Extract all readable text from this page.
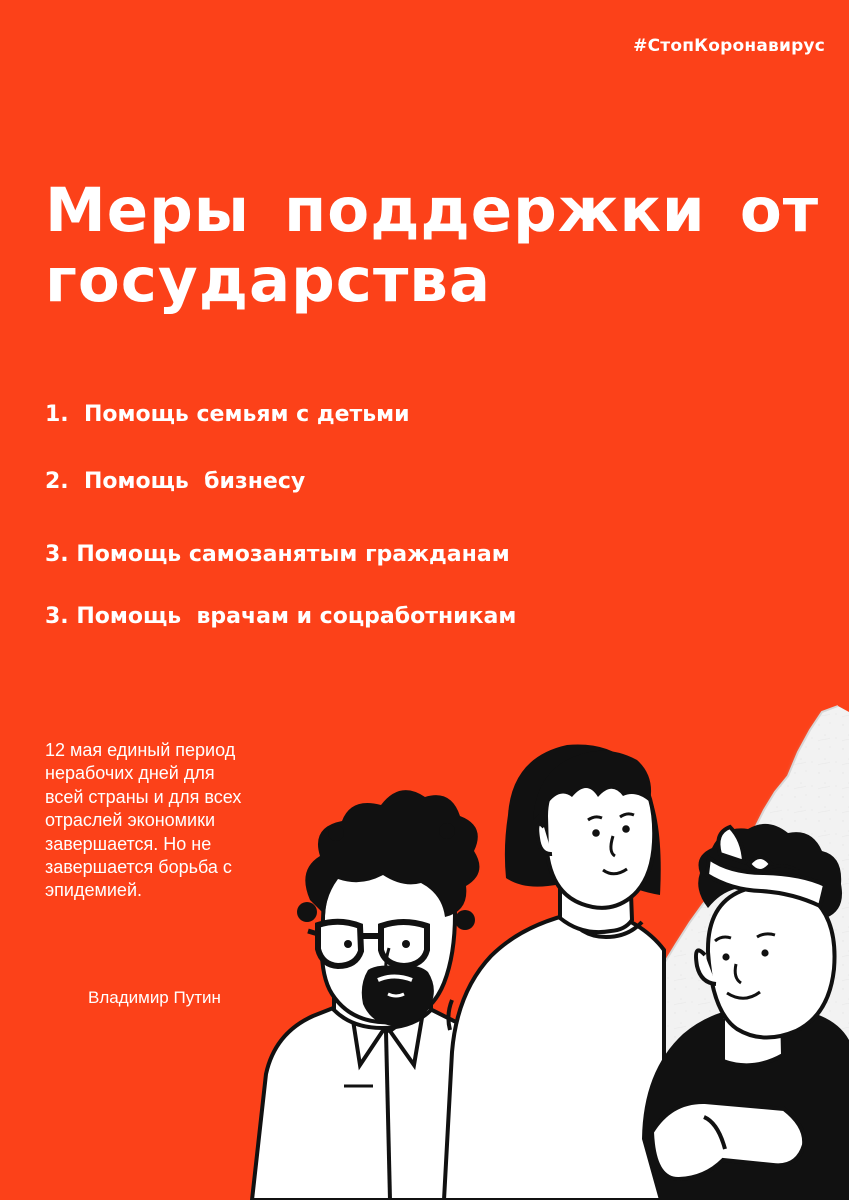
#СтопКоронавирус
Меры поддержки от государства
1.  Помощь семьям с детьми
2.  Помощь  бизнесу
3. Помощь самозанятым гражданам
3. Помощь  врачам и соцработникам
12 мая единый период нерабочих дней для всей страны и для всех отраслей экономики завершается. Но не завершается борьба с эпидемией.
Владимир Путин
